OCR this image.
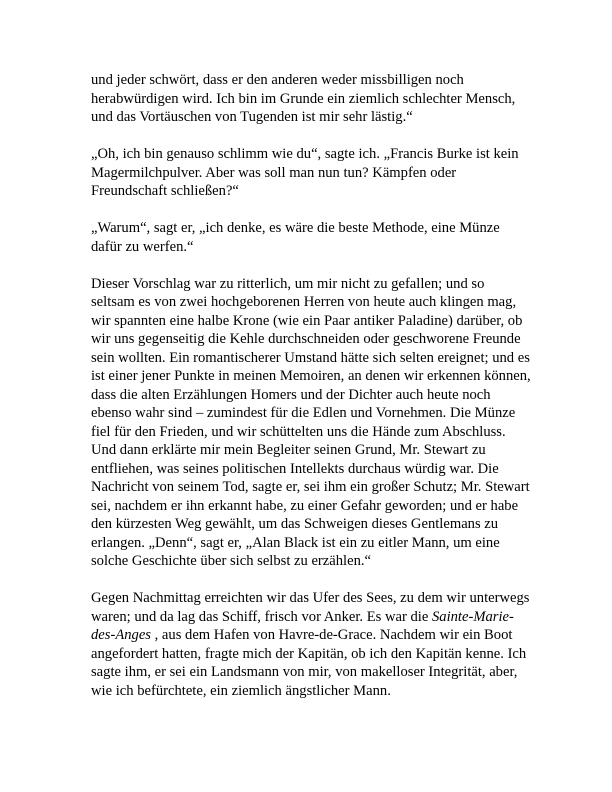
und jeder schwört, dass er den anderen weder missbilligen noch herabwürdigen wird. Ich bin im Grunde ein ziemlich schlechter Mensch, und das Vortäuschen von Tugenden ist mir sehr lästig.“

„Oh, ich bin genauso schlimm wie du“, sagte ich. „Francis Burke ist kein Magermilchpulver. Aber was soll man nun tun? Kämpfen oder Freundschaft schließen?“

„Warum“, sagt er, „ich denke, es wäre die beste Methode, eine Münze dafür zu werfen.“

Dieser Vorschlag war zu ritterlich, um mir nicht zu gefallen; und so seltsam es von zwei hochgeborenen Herren von heute auch klingen mag, wir spannten eine halbe Krone (wie ein Paar antiker Paladine) darüber, ob wir uns gegenseitig die Kehle durchschneiden oder geschworene Freunde sein wollten. Ein romantischerer Umstand hätte sich selten ereignet; und es ist einer jener Punkte in meinen Memoiren, an denen wir erkennen können, dass die alten Erzählungen Homers und der Dichter auch heute noch ebenso wahr sind – zumindest für die Edlen und Vornehmen. Die Münze fiel für den Frieden, und wir schüttelten uns die Hände zum Abschluss. Und dann erklärte mir mein Begleiter seinen Grund, Mr. Stewart zu entfliehen, was seines politischen Intellekts durchaus würdig war. Die Nachricht von seinem Tod, sagte er, sei ihm ein großer Schutz; Mr. Stewart sei, nachdem er ihn erkannt habe, zu einer Gefahr geworden; und er habe den kürzesten Weg gewählt, um das Schweigen dieses Gentlemans zu erlangen. „Denn“, sagt er, „Alan Black ist ein zu eitler Mann, um eine solche Geschichte über sich selbst zu erzählen.“

Gegen Nachmittag erreichten wir das Ufer des Sees, zu dem wir unterwegs waren; und da lag das Schiff, frisch vor Anker. Es war die Sainte-Marie-des-Anges , aus dem Hafen von Havre-de-Grace. Nachdem wir ein Boot angefordert hatten, fragte mich der Kapitän, ob ich den Kapitän kenne. Ich sagte ihm, er sei ein Landsmann von mir, von makelloser Integrität, aber, wie ich befürchtete, ein ziemlich ängstlicher Mann.
